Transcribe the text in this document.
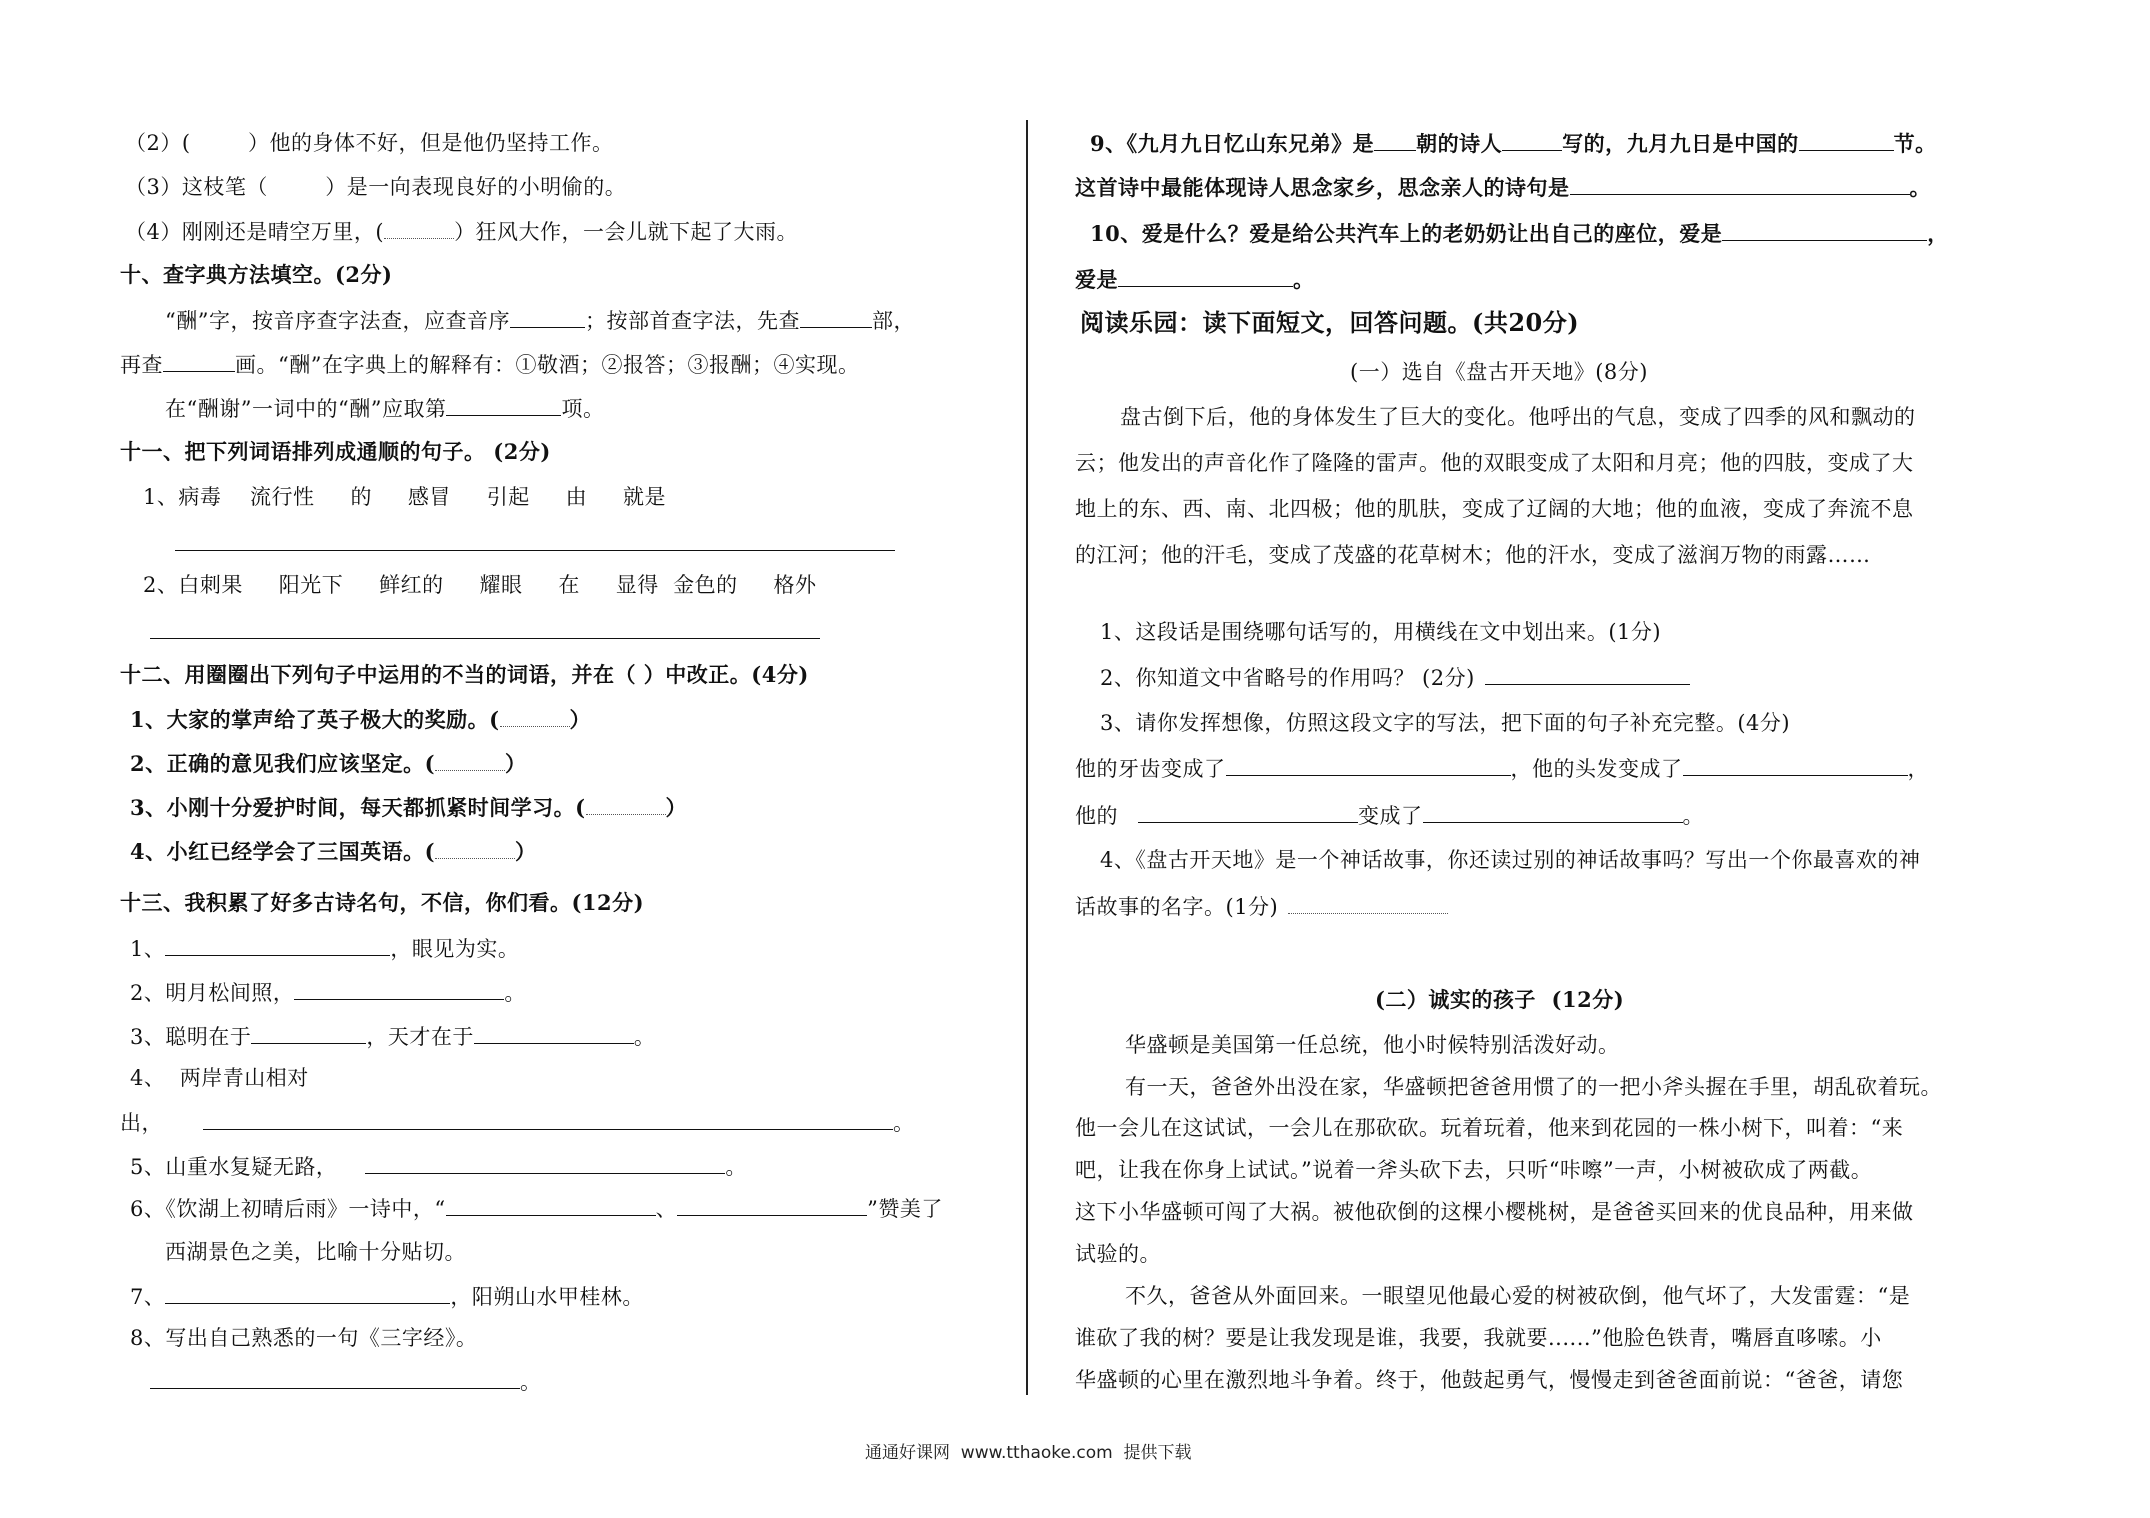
（2）(        ）他的身体不好，但是他仍坚持工作。
（3）这枝笔（        ）是一向表现良好的小明偷的。
（4）刚刚还是晴空万里，(	）狂风大作，一会儿就下起了大雨。
十、查字典方法填空。(2分)
“酬”字，按音序查字法查，应查音序	；按部首查字法，先查	部，
再查	画。“酬”在字典上的解释有：①敬酒；②报答；③报酬；④实现。
在“酬谢”一词中的“酬”应取第	项。
十一、把下列词语排列成通顺的句子。 (2分)
1、病毒    流行性     的     感冒     引起     由     就是
2、白刺果     阳光下     鲜红的     耀眼     在     显得  金色的     格外
十二、用圈圈出下列句子中运用的不当的词语，并在（ ）中改正。(4分)
1、大家的掌声给了英子极大的奖励。(	）
2、正确的意见我们应该坚定。(	）
3、小刚十分爱护时间，每天都抓紧时间学习。(	）
4、小红已经学会了三国英语。(	）
十三、我积累了好多古诗名句，不信，你们看。(12分)
1、	，眼见为实。
2、明月松间照，	。
3、聪明在于	，天才在于	。
4、  两岸青山相对
出，	。
5、山重水复疑无路，	。
6、《饮湖上初晴后雨》一诗中，“	、	”赞美了
西湖景色之美，比喻十分贴切。
7、	，阳朔山水甲桂林。
8、写出自己熟悉的一句《三字经》。
。
9、《九月九日忆山东兄弟》是 朝的诗人	写的，九月九日是中国的	节。
这首诗中最能体现诗人思念家乡，思念亲人的诗句是	。
10、爱是什么？爱是给公共汽车上的老奶奶让出自己的座位，爱是	，
爱是	。
阅读乐园：读下面短文，回答问题。(共20分)
(一）选自《盘古开天地》(8分)
盘古倒下后，他的身体发生了巨大的变化。他呼出的气息，变成了四季的风和飘动的
云；他发出的声音化作了隆隆的雷声。他的双眼变成了太阳和月亮；他的四肢，变成了大
地上的东、西、南、北四极；他的肌肤，变成了辽阔的大地；他的血液，变成了奔流不息
的江河；他的汗毛，变成了茂盛的花草树木；他的汗水，变成了滋润万物的雨露……
1、这段话是围绕哪句话写的，用横线在文中划出来。(1分)
2、你知道文中省略号的作用吗？ (2分)
3、请你发挥想像，仿照这段文字的写法，把下面的句子补充完整。(4分)
他的牙齿变成了	，他的头发变成了	，
他的	变成了	。
4、《盘古开天地》是一个神话故事，你还读过别的神话故事吗？写出一个你最喜欢的神
话故事的名字。(1分)
(二）诚实的孩子  (12分)
华盛顿是美国第一任总统，他小时候特别活泼好动。
有一天，爸爸外出没在家，华盛顿把爸爸用惯了的一把小斧头握在手里，胡乱砍着玩。
他一会儿在这试试，一会儿在那砍砍。玩着玩着，他来到花园的一株小树下，叫着：“来
吧，让我在你身上试试。”说着一斧头砍下去，只听“咔嚓”一声，小树被砍成了两截。
这下小华盛顿可闯了大祸。被他砍倒的这棵小樱桃树，是爸爸买回来的优良品种，用来做
试验的。
不久，爸爸从外面回来。一眼望见他最心爱的树被砍倒，他气坏了，大发雷霆：“是
谁砍了我的树？要是让我发现是谁，我要，我就要......”他脸色铁青，嘴唇直哆嗦。小
华盛顿的心里在激烈地斗争着。终于，他鼓起勇气，慢慢走到爸爸面前说：“爸爸，请您
通通好课网  www.tthaoke.com  提供下载
